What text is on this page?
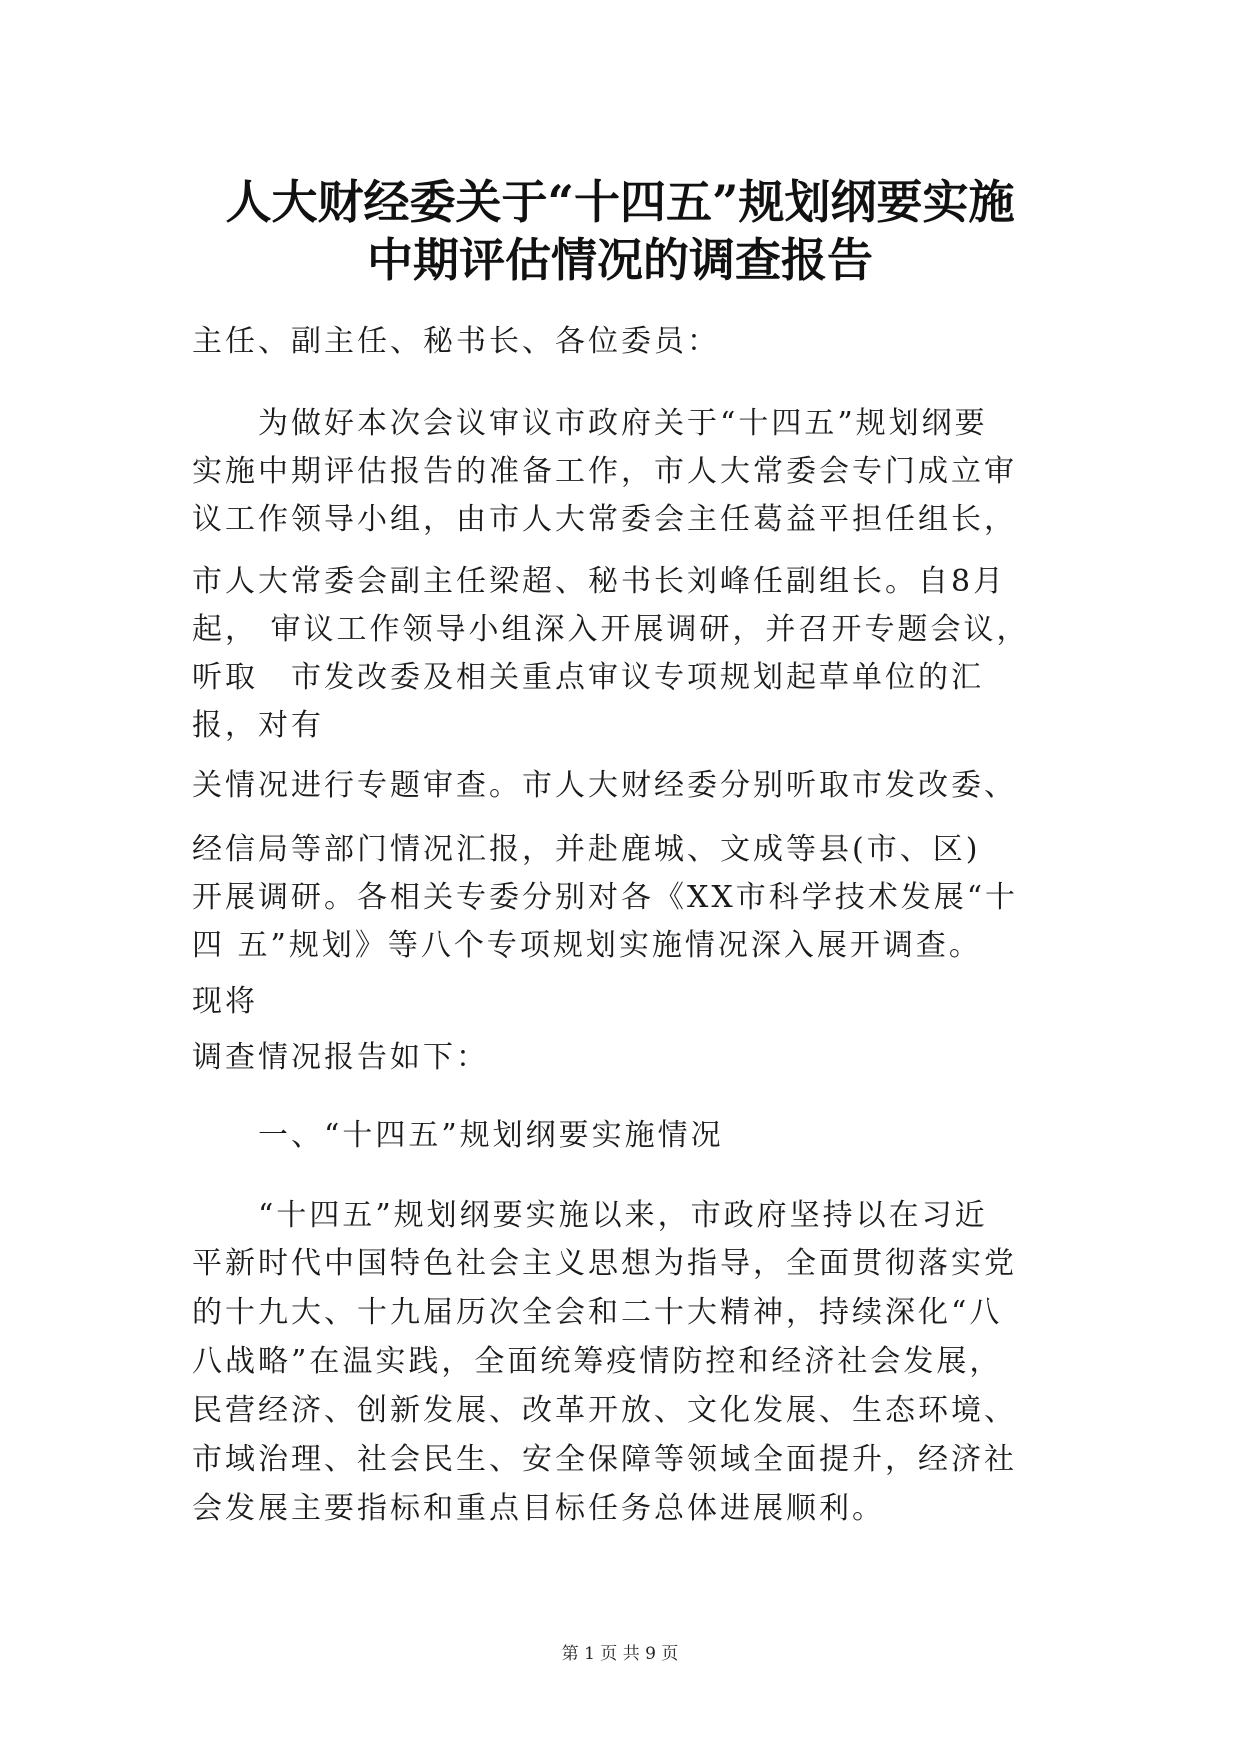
人大财经委关于“十四五”规划纲要实施
中期评估情况的调查报告

主任、副主任、秘书长、各位委员：

　　为做好本次会议审议市政府关于“十四五”规划纲要

实施中期评估报告的准备工作，市人大常委会专门成立审

议工作领导小组，由市人大常委会主任葛益平担任组长，

市人大常委会副主任梁超、秘书长刘峰任副组长。自8月

起， 审议工作领导小组深入开展调研，并召开专题会议，

听取　市发改委及相关重点审议专项规划起草单位的汇

报，对有

关情况进行专题审查。市人大财经委分别听取市发改委、

经信局等部门情况汇报，并赴鹿城、文成等县(市、区)

开展调研。各相关专委分别对各《XX市科学技术发展“十

四 五”规划》等八个专项规划实施情况深入展开调查。

现将

调查情况报告如下：

　　一、“十四五”规划纲要实施情况

　　“十四五”规划纲要实施以来，市政府坚持以在习近

平新时代中国特色社会主义思想为指导，全面贯彻落实党

的十九大、十九届历次全会和二十大精神，持续深化“八

八战略”在温实践，全面统筹疫情防控和经济社会发展，

民营经济、创新发展、改革开放、文化发展、生态环境、

市域治理、社会民生、安全保障等领域全面提升，经济社

会发展主要指标和重点目标任务总体进展顺利。

第 1 页 共 9 页
